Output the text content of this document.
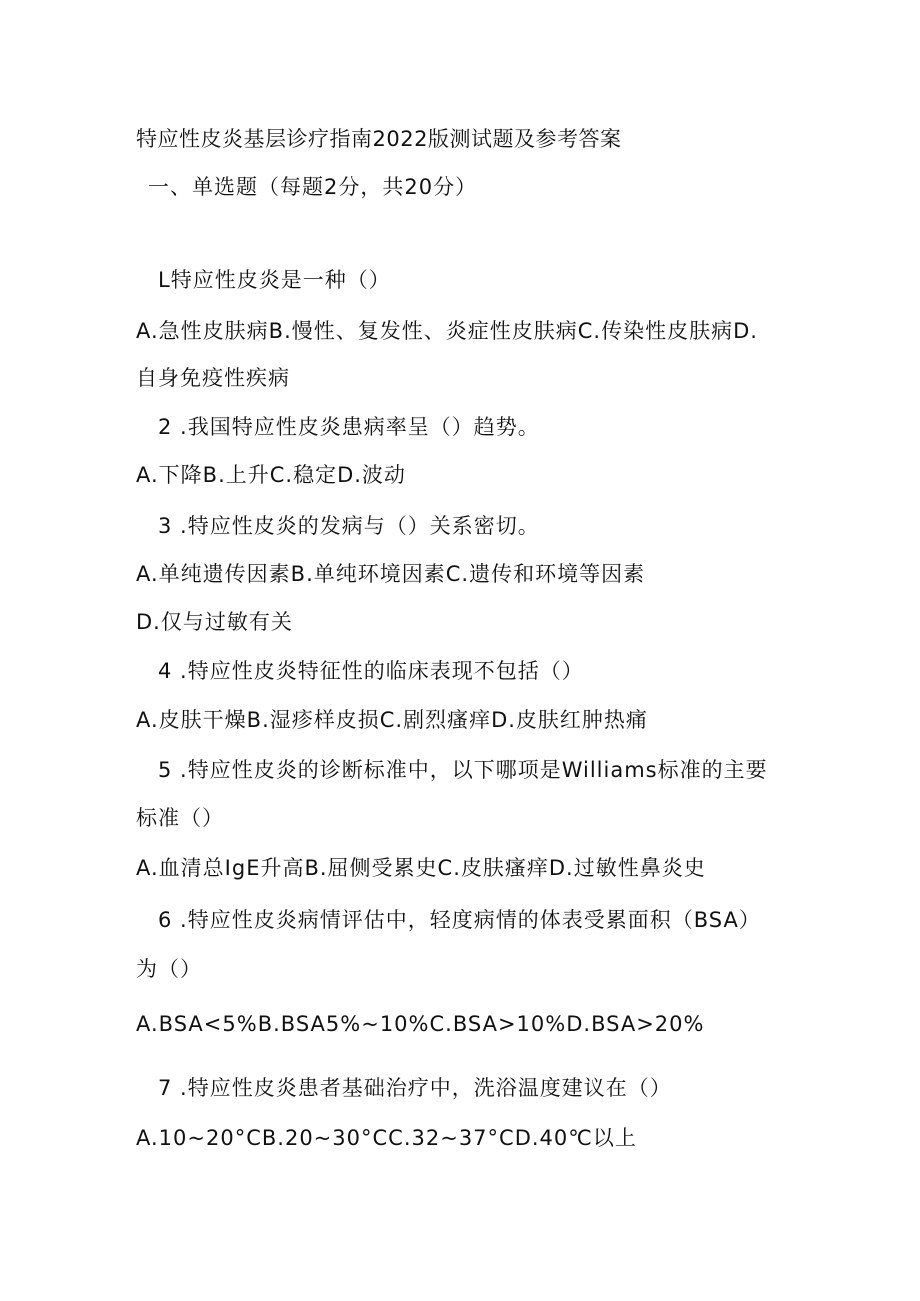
特应性皮炎基层诊疗指南2022版测试题及参考答案
一、单选题（每题2分，共20分）
L特应性皮炎是一种（）
A.急性皮肤病B.慢性、复发性、炎症性皮肤病C.传染性皮肤病D.
自身免疫性疾病
2 .我国特应性皮炎患病率呈（）趋势。
A.下降B.上升C.稳定D.波动
3 .特应性皮炎的发病与（）关系密切。
A.单纯遗传因素B.单纯环境因素C.遗传和环境等因素
D.仅与过敏有关
4 .特应性皮炎特征性的临床表现不包括（）
A.皮肤干燥B.湿疹样皮损C.剧烈瘙痒D.皮肤红肿热痛
5 .特应性皮炎的诊断标准中，以下哪项是Williams标准的主要
标准（）
A.血清总IgE升高B.屈侧受累史C.皮肤瘙痒D.过敏性鼻炎史
6 .特应性皮炎病情评估中，轻度病情的体表受累面积（BSA）
为（）
A.BSA<5%B.BSA5%~10%C.BSA>10%D.BSA>20%
7 .特应性皮炎患者基础治疗中，洗浴温度建议在（）
A.10~20°CB.20~30°CC.32~37°CD.40℃以上
